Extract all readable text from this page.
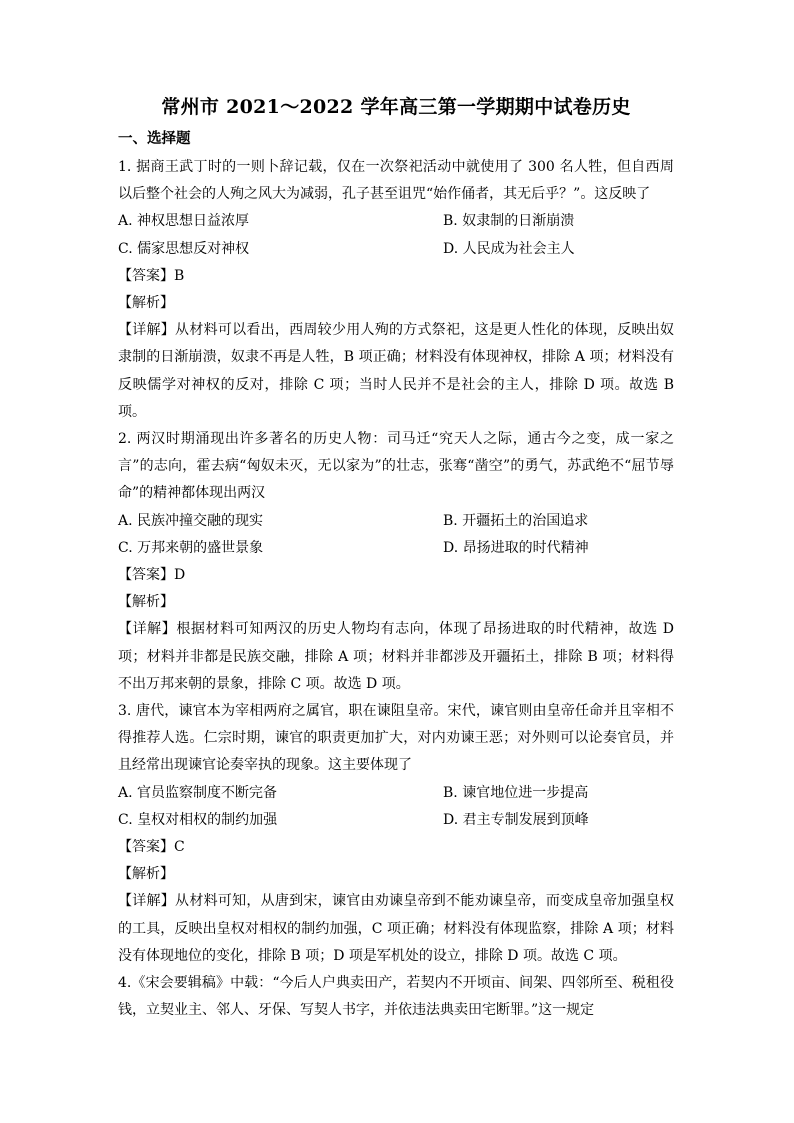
常州市 2021～2022 学年高三第一学期期中试卷历史
一、选择题

1. 据商王武丁时的一则卜辞记载，仅在一次祭祀活动中就使用了 300 名人牲，但自西周以后整个社会的人殉之风大为减弱，孔子甚至诅咒“始作俑者，其无后乎？”。这反映了

A. 神权思想日益浓厚	B. 奴隶制的日渐崩溃
C. 儒家思想反对神权	D. 人民成为社会主人

【答案】B

【解析】

【详解】从材料可以看出，西周较少用人殉的方式祭祀，这是更人性化的体现，反映出奴隶制的日渐崩溃，奴隶不再是人牲，B 项正确；材料没有体现神权，排除 A 项；材料没有反映儒学对神权的反对，排除 C 项；当时人民并不是社会的主人，排除 D 项。故选 B 项。

2. 两汉时期涌现出许多著名的历史人物：司马迁“究天人之际，通古今之变，成一家之言”的志向，霍去病“匈奴未灭，无以家为”的壮志，张骞“凿空”的勇气，苏武绝不“屈节辱命”的精神都体现出两汉

A. 民族冲撞交融的现实	B. 开疆拓土的治国追求
C. 万邦来朝的盛世景象	D. 昂扬进取的时代精神

【答案】D

【解析】

【详解】根据材料可知两汉的历史人物均有志向，体现了昂扬进取的时代精神，故选 D 项；材料并非都是民族交融，排除 A 项；材料并非都涉及开疆拓土，排除 B 项；材料得不出万邦来朝的景象，排除 C 项。故选 D 项。

3. 唐代，谏官本为宰相两府之属官，职在谏阻皇帝。宋代，谏官则由皇帝任命并且宰相不得推荐人选。仁宗时期，谏官的职责更加扩大，对内劝谏王恶；对外则可以论奏官员，并且经常出现谏官论奏宰执的现象。这主要体现了

A. 官员监察制度不断完备	B. 谏官地位进一步提高
C. 皇权对相权的制约加强	D. 君主专制发展到顶峰

【答案】C

【解析】

【详解】从材料可知，从唐到宋，谏官由劝谏皇帝到不能劝谏皇帝，而变成皇帝加强皇权的工具，反映出皇权对相权的制约加强，C 项正确；材料没有体现监察，排除 A 项；材料没有体现地位的变化，排除 B 项；D 项是军机处的设立，排除 D 项。故选 C 项。

4.《宋会要辑稿》中载：“今后人户典卖田产，若契内不开顷亩、间架、四邻所至、税租役钱，立契业主、邻人、牙保、写契人书字，并依违法典卖田宅断罪。”这一规定
